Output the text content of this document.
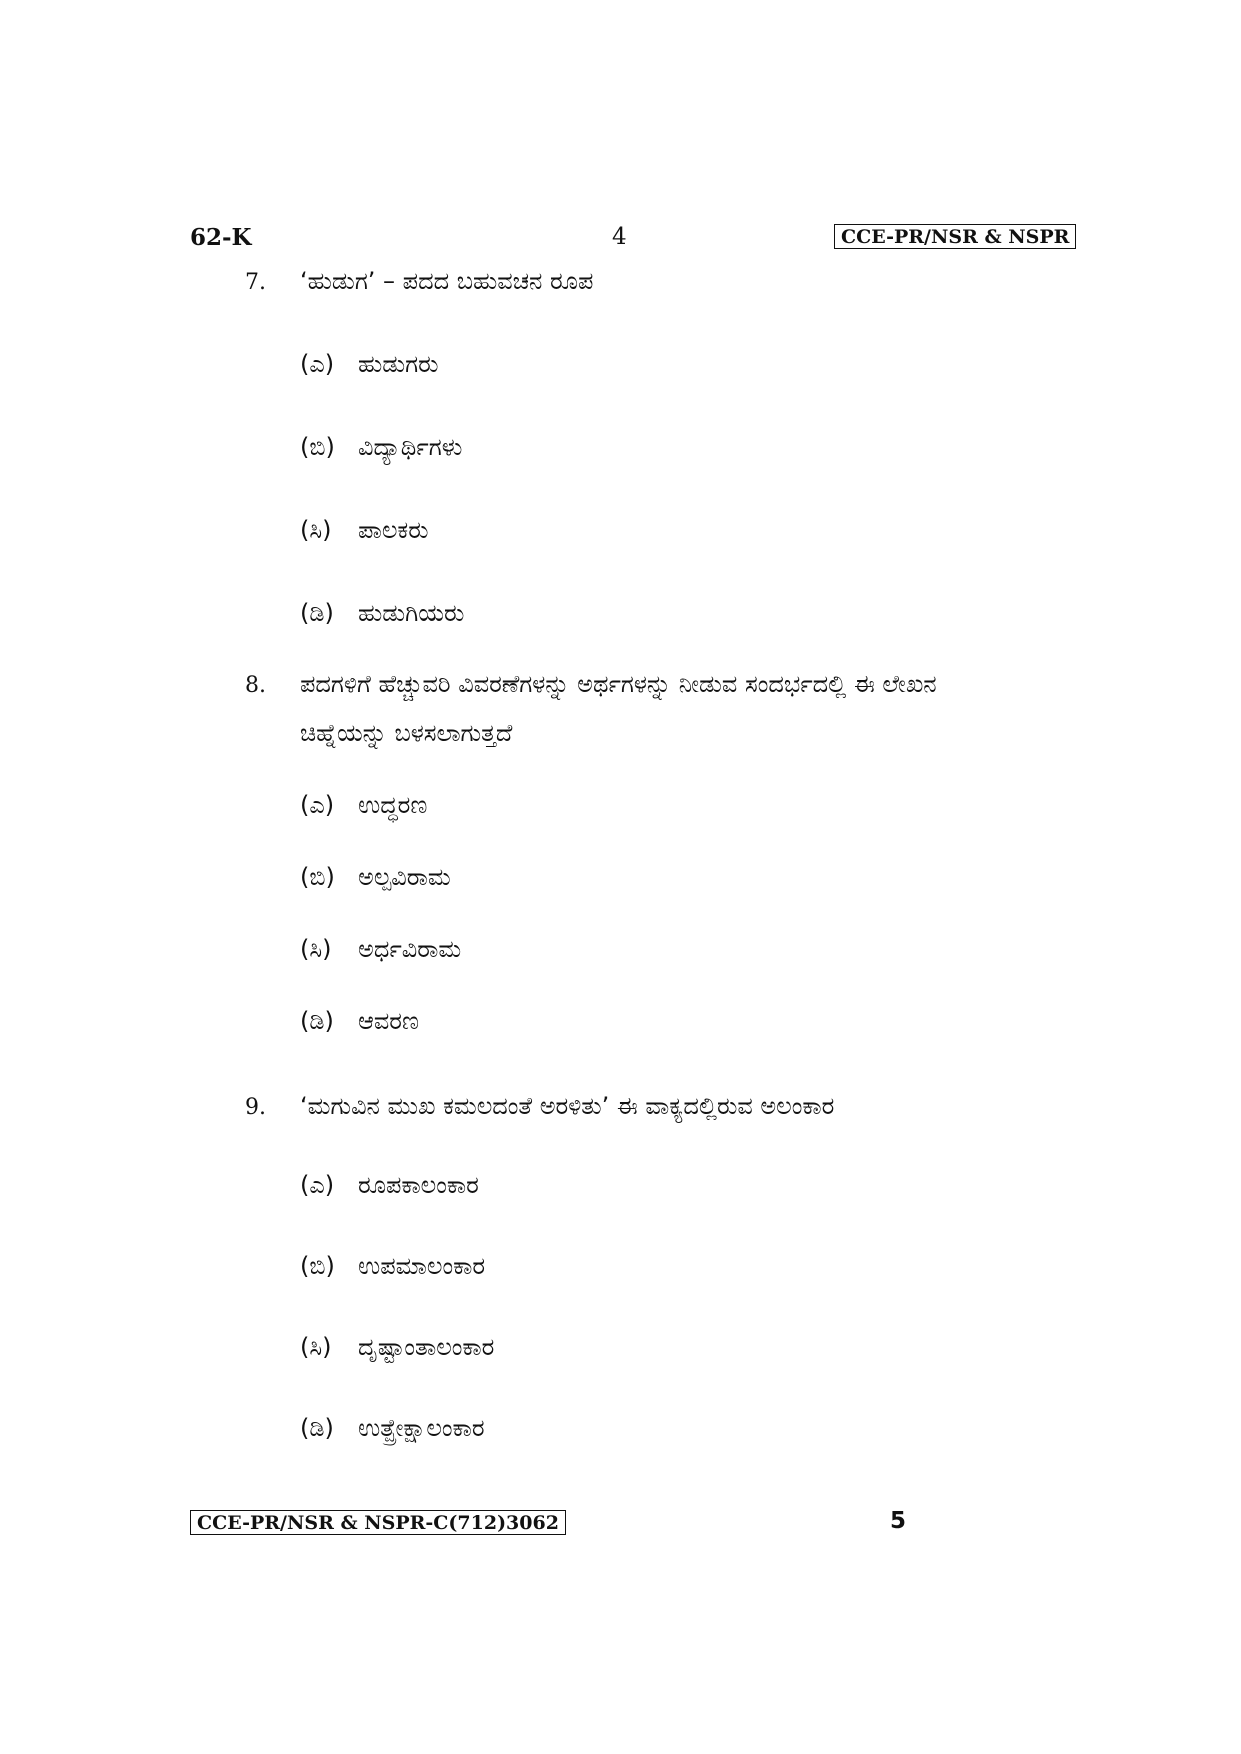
62-K	4	CCE-PR/NSR & NSPR
7. ‘ಹುಡುಗ’ – ಪದದ ಬಹುವಚನ ರೂಪ
(ಎ) ಹುಡುಗರು
(ಬಿ) ವಿದ್ಯಾರ್ಥಿಗಳು
(ಸಿ) ಪಾಲಕರು
(ಡಿ) ಹುಡುಗಿಯರು
8. ಪದಗಳಿಗೆ ಹೆಚ್ಚುವರಿ ವಿವರಣೆಗಳನ್ನು ಅರ್ಥಗಳನ್ನು ನೀಡುವ ಸಂದರ್ಭದಲ್ಲಿ ಈ ಲೇಖನ
ಚಿಹ್ನೆಯನ್ನು ಬಳಸಲಾಗುತ್ತದೆ
(ಎ) ಉದ್ಧರಣ
(ಬಿ) ಅಲ್ಪವಿರಾಮ
(ಸಿ) ಅರ್ಧವಿರಾಮ
(ಡಿ) ಆವರಣ
9. ‘ಮಗುವಿನ ಮುಖ ಕಮಲದಂತೆ ಅರಳಿತು’ ಈ ವಾಕ್ಯದಲ್ಲಿರುವ ಅಲಂಕಾರ
(ಎ) ರೂಪಕಾಲಂಕಾರ
(ಬಿ) ಉಪಮಾಲಂಕಾರ
(ಸಿ) ದೃಷ್ಟಾಂತಾಲಂಕಾರ
(ಡಿ) ಉತ್ಪ್ರೇಕ್ಷಾಲಂಕಾರ
CCE-PR/NSR & NSPR-C(712)3062	5
